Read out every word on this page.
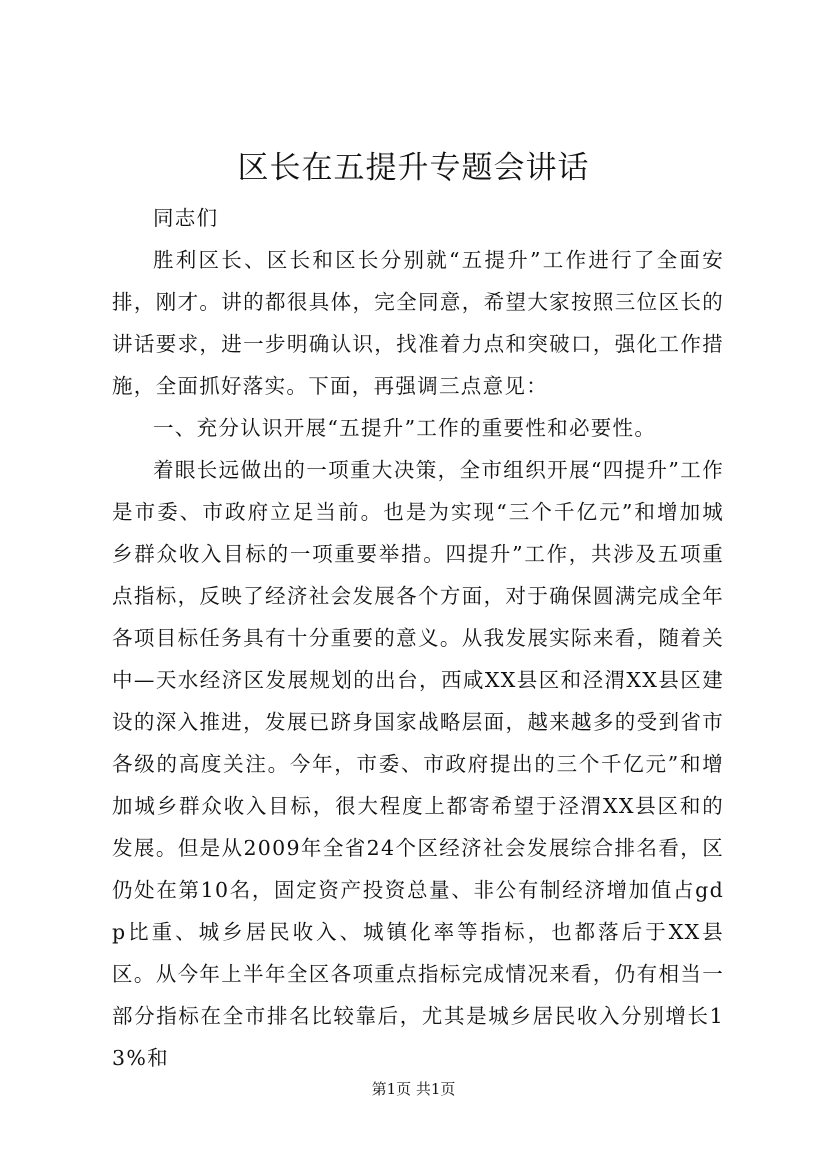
区长在五提升专题会讲话

同志们

胜利区长、区长和区长分别就“五提升”工作进行了全面安排，刚才。讲的都很具体，完全同意，希望大家按照三位区长的讲话要求，进一步明确认识，找准着力点和突破口，强化工作措施，全面抓好落实。下面，再强调三点意见：

一、充分认识开展“五提升”工作的重要性和必要性。

着眼长远做出的一项重大决策，全市组织开展“四提升”工作是市委、市政府立足当前。也是为实现“三个千亿元”和增加城乡群众收入目标的一项重要举措。四提升”工作，共涉及五项重点指标，反映了经济社会发展各个方面，对于确保圆满完成全年各项目标任务具有十分重要的意义。从我发展实际来看，随着关中—天水经济区发展规划的出台，西咸XX县区和泾渭XX县区建设的深入推进，发展已跻身国家战略层面，越来越多的受到省市各级的高度关注。今年，市委、市政府提出的三个千亿元”和增加城乡群众收入目标，很大程度上都寄希望于泾渭XX县区和的发展。但是从2009年全省24个区经济社会发展综合排名看，区仍处在第10名，固定资产投资总量、非公有制经济增加值占gdp比重、城乡居民收入、城镇化率等指标，也都落后于XX县区。从今年上半年全区各项重点指标完成情况来看，仍有相当一部分指标在全市排名比较靠后，尤其是城乡居民收入分别增长13%和

第1页 共1页
